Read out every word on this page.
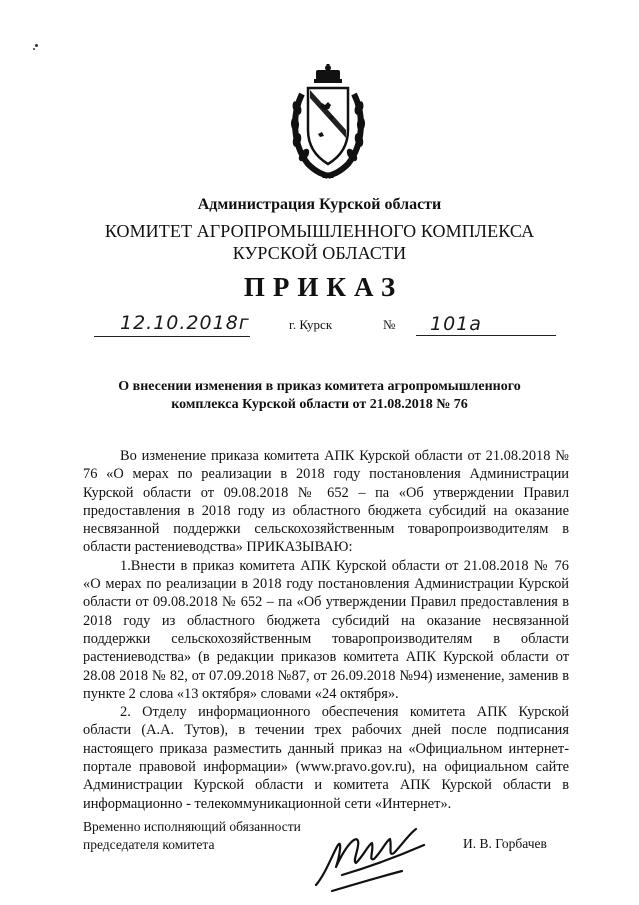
Администрация Курской области
КОМИТЕТ АГРОПРОМЫШЛЕННОГО КОМПЛЕКСА
КУРСКОЙ ОБЛАСТИ
ПРИКАЗ
12.10.2018г	г. Курск	№ 101а
О внесении изменения в приказ комитета агропромышленного
комплекса Курской области от 21.08.2018 № 76

Во изменение приказа комитета АПК Курской области от 21.08.2018 № 76 «О мерах по реализации в 2018 году постановления Администрации Курской области от 09.08.2018 № 652 – па «Об утверждении Правил предоставления в 2018 году из областного бюджета субсидий на оказание несвязанной поддержки сельскохозяйственным товаропроизводителям в области растениеводства» ПРИКАЗЫВАЮ:

1.Внести в приказ комитета АПК Курской области от 21.08.2018 № 76 «О мерах по реализации в 2018 году постановления Администрации Курской области от 09.08.2018 № 652 – па «Об утверждении Правил предоставления в 2018 году из областного бюджета субсидий на оказание несвязанной поддержки сельскохозяйственным товаропроизводителям в области растениеводства» (в редакции приказов комитета АПК Курской области от 28.08 2018 № 82, от 07.09.2018 №87, от 26.09.2018 №94) изменение, заменив в пункте 2 слова «13 октября» словами «24 октября».

2. Отделу информационного обеспечения комитета АПК Курской области (А.А. Тутов), в течении трех рабочих дней после подписания настоящего приказа разместить данный приказ на «Официальном интернет-портале правовой информации» (www.pravo.gov.ru), на официальном сайте Администрации Курской области и комитета АПК Курской области в информационно - телекоммуникационной сети «Интернет».

Временно исполняющий обязанности
председателя комитета	И. В. Горбачев
